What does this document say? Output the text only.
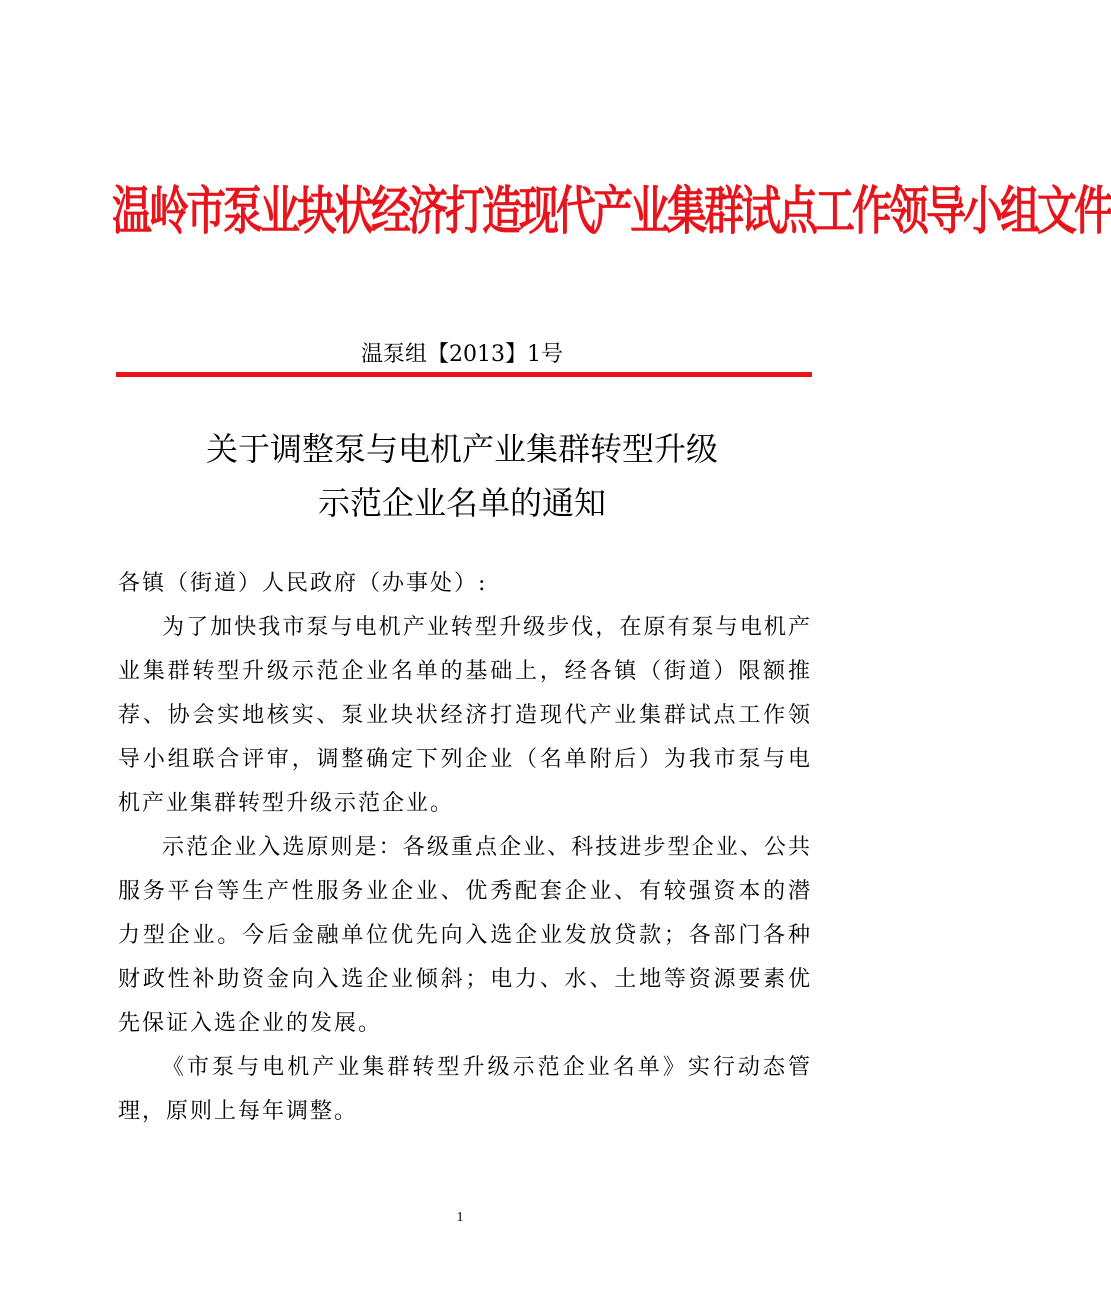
温岭市泵业块状经济打造现代产业集群试点工作领导小组文件
温泵组【2013】1号
关于调整泵与电机产业集群转型升级
示范企业名单的通知

各镇（街道）人民政府（办事处）:

为了加快我市泵与电机产业转型升级步伐，在原有泵与电机产业集群转型升级示范企业名单的基础上，经各镇（街道）限额推荐、协会实地核实、泵业块状经济打造现代产业集群试点工作领导小组联合评审，调整确定下列企业（名单附后）为我市泵与电机产业集群转型升级示范企业。

示范企业入选原则是：各级重点企业、科技进步型企业、公共服务平台等生产性服务业企业、优秀配套企业、有较强资本的潜力型企业。今后金融单位优先向入选企业发放贷款；各部门各种财政性补助资金向入选企业倾斜；电力、水、土地等资源要素优先保证入选企业的发展。

《市泵与电机产业集群转型升级示范企业名单》实行动态管理，原则上每年调整。

1
